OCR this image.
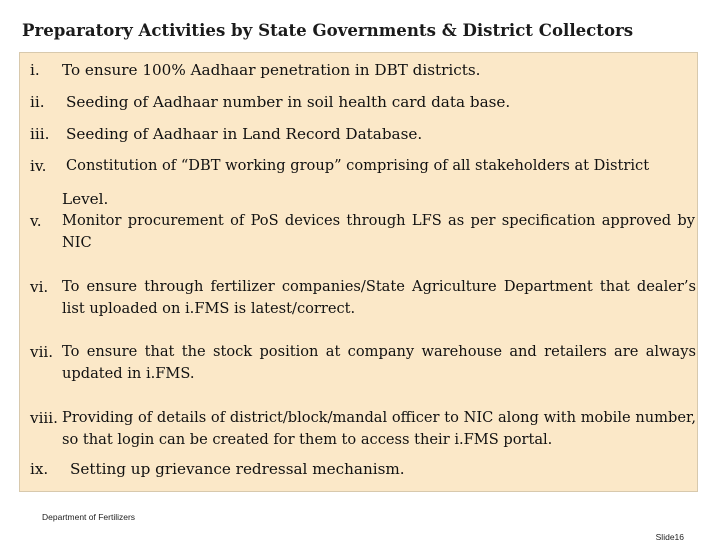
Preparatory Activities by State Governments & District Collectors
i. To ensure 100% Aadhaar penetration in DBT districts.
ii. Seeding of Aadhaar number in soil health card data base.
iii. Seeding of Aadhaar in Land Record Database.
iv. Constitution of “DBT working group” comprising of all stakeholders at District
Level.
v. Monitor procurement of PoS devices through LFS as per specification approved by NIC
vi. To ensure through fertilizer companies/State Agriculture Department that dealer’s list uploaded on i.FMS is latest/correct.
vii. To ensure that the stock position at company warehouse and retailers are always updated in i.FMS.
viii. Providing of details of district/block/mandal officer to NIC along with mobile number, so that login can be created for them to access their i.FMS portal.
ix. Setting up grievance redressal mechanism.
Department of Fertilizers
Slide16
